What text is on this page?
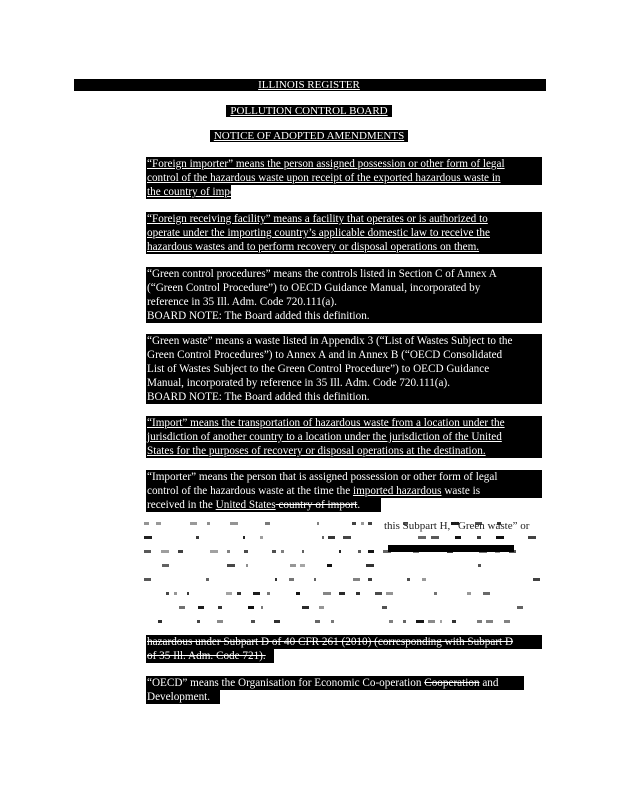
ILLINOIS REGISTER
POLLUTION CONTROL BOARD
NOTICE OF ADOPTED AMENDMENTS
“Foreign importer” means the person assigned possession or other form of legal
control of the hazardous waste upon receipt of the exported hazardous waste in
the country of import.
“Foreign receiving facility” means a facility that operates or is authorized to
operate under the importing country’s applicable domestic law to receive the
hazardous wastes and to perform recovery or disposal operations on them.
“Green control procedures” means the controls listed in Section C of Annex A
(“Green Control Procedure”) to OECD Guidance Manual, incorporated by
reference in 35 Ill. Adm. Code 720.111(a).
BOARD NOTE: The Board added this definition.
“Green waste” means a waste listed in Appendix 3 (“List of Wastes Subject to the
Green Control Procedures”) to Annex A and in Annex B (“OECD Consolidated
List of Wastes Subject to the Green Control Procedure”) to OECD Guidance
Manual, incorporated by reference in 35 Ill. Adm. Code 720.111(a).
BOARD NOTE: The Board added this definition.
“Import” means the transportation of hazardous waste from a location under the
jurisdiction of another country to a location under the jurisdiction of the United
States for the purposes of recovery or disposal operations at the destination.
“Importer” means the person that is assigned possession or other form of legal
control of the hazardous waste at the time the imported hazardous waste is
received in the United States country of import.
this Subpart H, “Green waste” or
hazardous under Subpart D of 40 CFR 261 (2010) (corresponding with Subpart D
of 35 Ill. Adm. Code 721).
“OECD” means the Organisation for Economic Co-operation Cooperation and
Development.
